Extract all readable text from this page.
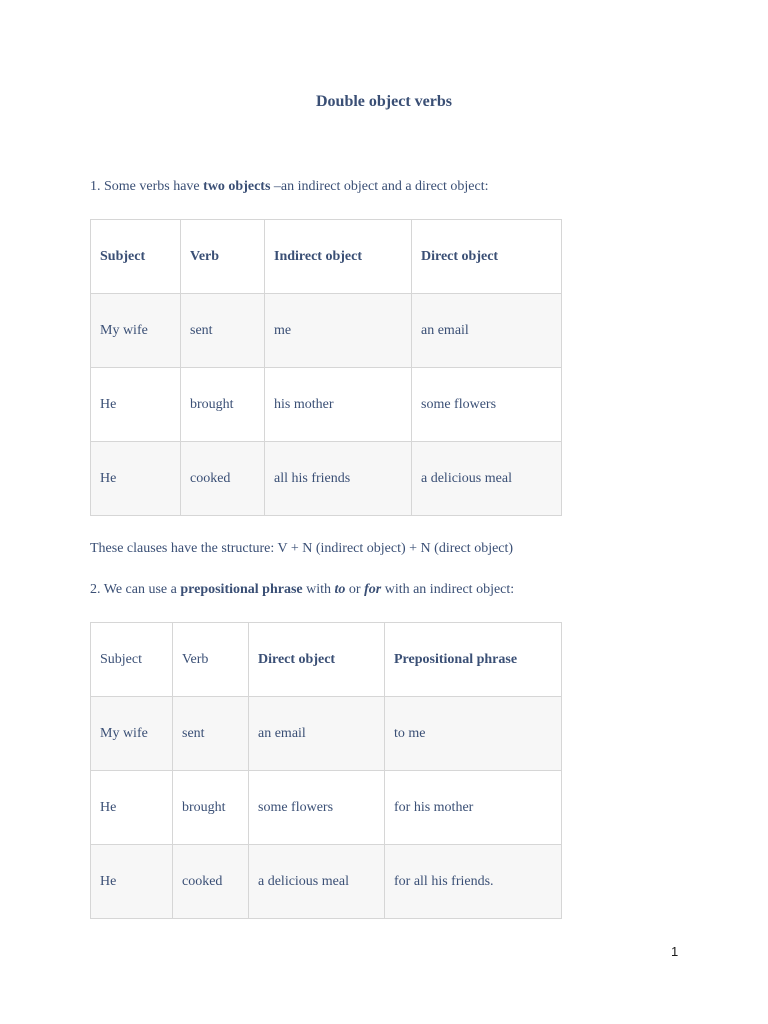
Double object verbs
1. Some verbs have two objects –an indirect object and a direct object:
Subject	Verb	Indirect object	Direct object
My wife	sent	me	an email
He	brought	his mother	some flowers
He	cooked	all his friends	a delicious meal
These clauses have the structure: V + N (indirect object) + N (direct object)
2. We can use a prepositional phrase with to or for with an indirect object:
Subject	Verb	Direct object	Prepositional phrase
My wife	sent	an email	to me
He	brought	some flowers	for his mother
He	cooked	a delicious meal	for all his friends.
1
